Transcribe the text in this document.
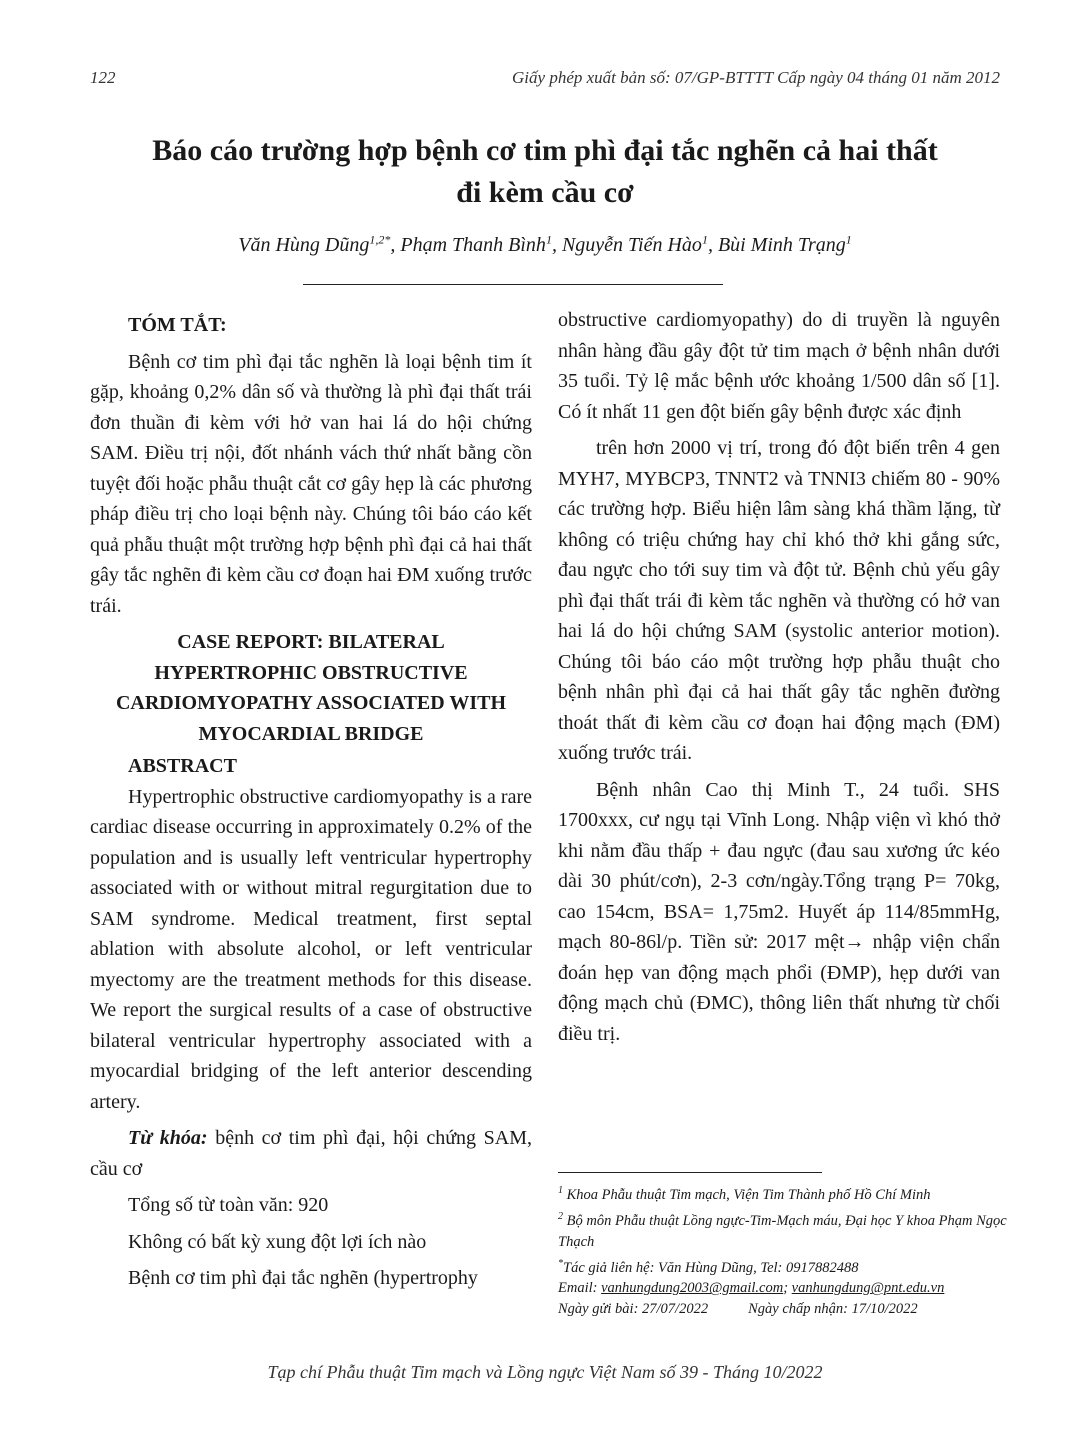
122	Giấy phép xuất bản số: 07/GP-BTTTT Cấp ngày 04 tháng 01 năm 2012
Báo cáo trường hợp bệnh cơ tim phì đại tắc nghẽn cả hai thất
đi kèm cầu cơ
Văn Hùng Dũng$^{1,2*}$, Phạm Thanh Bình$^1$, Nguyễn Tiến Hào$^1$, Bùi Minh Trạng$^1$

TÓM TẮT:

Bệnh cơ tim phì đại tắc nghẽn là loại bệnh tim ít gặp, khoảng 0,2% dân số và thường là phì đại thất trái đơn thuần đi kèm với hở van hai lá do hội chứng SAM. Điều trị nội, đốt nhánh vách thứ nhất bằng cồn tuyệt đối hoặc phẫu thuật cắt cơ gây hẹp là các phương pháp điều trị cho loại bệnh này. Chúng tôi báo cáo kết quả phẫu thuật một trường hợp bệnh phì đại cả hai thất gây tắc nghẽn đi kèm cầu cơ đoạn hai ĐM xuống trước trái.

CASE REPORT: BILATERAL
HYPERTROPHIC OBSTRUCTIVE
CARDIOMYOPATHY ASSOCIATED WITH
MYOCARDIAL BRIDGE

ABSTRACT

Hypertrophic obstructive cardiomyopathy is a rare cardiac disease occurring in approximately 0.2% of the population and is usually left ventricular hypertrophy associated with or without mitral regurgitation due to SAM syndrome. Medical treatment, first septal ablation with absolute alcohol, or left ventricular myectomy are the treatment methods for this disease. We report the surgical results of a case of obstructive bilateral ventricular hypertrophy associated with a myocardial bridging of the left anterior descending artery.

Từ khóa: bệnh cơ tim phì đại, hội chứng SAM, cầu cơ

Tổng số từ toàn văn: 920

Không có bất kỳ xung đột lợi ích nào

Bệnh cơ tim phì đại tắc nghẽn (hypertrophy

obstructive cardiomyopathy) do di truyền là nguyên nhân hàng đầu gây đột tử tim mạch ở bệnh nhân dưới 35 tuổi. Tỷ lệ mắc bệnh ước khoảng 1/500 dân số [1]. Có ít nhất 11 gen đột biến gây bệnh được xác định

trên hơn 2000 vị trí, trong đó đột biến trên 4 gen MYH7, MYBCP3, TNNT2 và TNNI3 chiếm 80 - 90% các trường hợp. Biểu hiện lâm sàng khá thầm lặng, từ không có triệu chứng hay chỉ khó thở khi gắng sức, đau ngực cho tới suy tim và đột tử. Bệnh chủ yếu gây phì đại thất trái đi kèm tắc nghẽn và thường có hở van hai lá do hội chứng SAM (systolic anterior motion). Chúng tôi báo cáo một trường hợp phẫu thuật cho bệnh nhân phì đại cả hai thất gây tắc nghẽn đường thoát thất đi kèm cầu cơ đoạn hai động mạch (ĐM) xuống trước trái.

Bệnh nhân Cao thị Minh T., 24 tuổi. SHS 1700xxx, cư ngụ tại Vĩnh Long. Nhập viện vì khó thở khi nằm đầu thấp + đau ngực (đau sau xương ức kéo dài 30 phút/cơn), 2-3 cơn/ngày.Tổng trạng P= 70kg, cao 154cm, BSA= 1,75m2. Huyết áp 114/85mmHg, mạch 80-86l/p. Tiền sử: 2017 mệt→ nhập viện chẩn đoán hẹp van động mạch phổi (ĐMP), hẹp dưới van động mạch chủ (ĐMC), thông liên thất nhưng từ chối điều trị.

$^1$ Khoa Phẫu thuật Tim mạch, Viện Tim Thành phố Hồ Chí Minh

$^2$ Bộ môn Phẫu thuật Lồng ngực-Tim-Mạch máu, Đại học Y khoa Phạm Ngọc Thạch

*Tác giả liên hệ: Văn Hùng Dũng, Tel: 0917882488

Email: vanhungdung2003@gmail.com; vanhungdung@pnt.edu.vn

Ngày gửi bài: 27/07/2022	Ngày chấp nhận: 17/10/2022

Tạp chí Phẫu thuật Tim mạch và Lồng ngực Việt Nam số 39 - Tháng 10/2022
